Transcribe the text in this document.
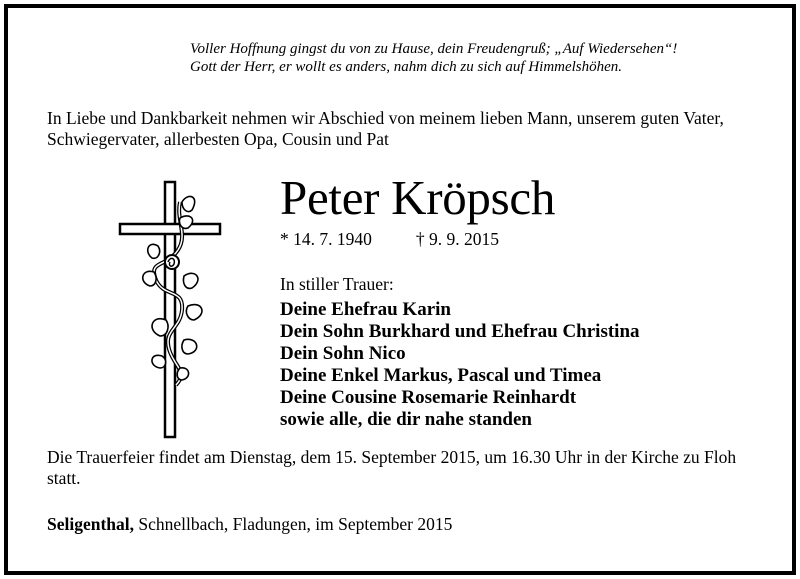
Voller Hoffnung gingst du von zu Hause, dein Freudengruß; „Auf Wiedersehen“!
Gott der Herr, er wollt es anders, nahm dich zu sich auf Himmelshöhen.
In Liebe und Dankbarkeit nehmen wir Abschied von meinem lieben Mann, unserem guten Vater, Schwiegervater, allerbesten Opa, Cousin und Pat
Peter Kröpsch
* 14. 7. 1940	† 9. 9. 2015
In stiller Trauer:
Deine Ehefrau Karin
Dein Sohn Burkhard und Ehefrau Christina
Dein Sohn Nico
Deine Enkel Markus, Pascal und Timea
Deine Cousine Rosemarie Reinhardt
sowie alle, die dir nahe standen
Die Trauerfeier findet am Dienstag, dem 15. September 2015, um 16.30 Uhr in der Kirche zu Floh statt.
Seligenthal, Schnellbach, Fladungen, im September 2015
